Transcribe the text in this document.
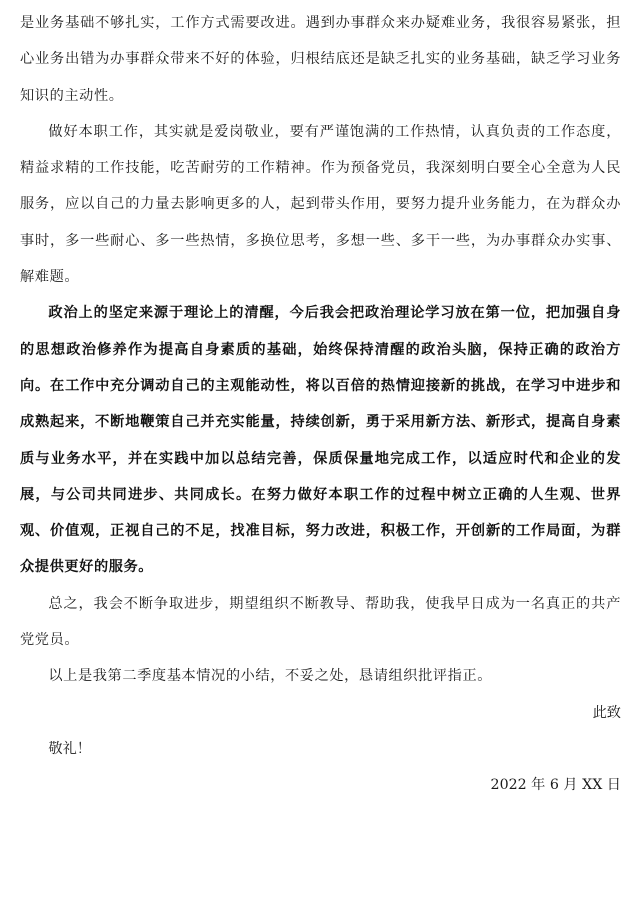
是业务基础不够扎实，工作方式需要改进。遇到办事群众来办疑难业务，我很容易紧张，担心业务出错为办事群众带来不好的体验，归根结底还是缺乏扎实的业务基础，缺乏学习业务知识的主动性。

做好本职工作，其实就是爱岗敬业，要有严谨饱满的工作热情，认真负责的工作态度，精益求精的工作技能，吃苦耐劳的工作精神。作为预备党员，我深刻明白要全心全意为人民服务，应以自己的力量去影响更多的人，起到带头作用，要努力提升业务能力，在为群众办事时，多一些耐心、多一些热情，多换位思考，多想一些、多干一些，为办事群众办实事、解难题。

政治上的坚定来源于理论上的清醒，今后我会把政治理论学习放在第一位，把加强自身的思想政治修养作为提高自身素质的基础，始终保持清醒的政治头脑，保持正确的政治方向。在工作中充分调动自己的主观能动性，将以百倍的热情迎接新的挑战，在学习中进步和成熟起来，不断地鞭策自己并充实能量，持续创新，勇于采用新方法、新形式，提高自身素质与业务水平，并在实践中加以总结完善，保质保量地完成工作，以适应时代和企业的发展，与公司共同进步、共同成长。在努力做好本职工作的过程中树立正确的人生观、世界观、价值观，正视自己的不足，找准目标，努力改进，积极工作，开创新的工作局面，为群众提供更好的服务。

总之，我会不断争取进步，期望组织不断教导、帮助我，使我早日成为一名真正的共产党党员。

以上是我第二季度基本情况的小结，不妥之处，恳请组织批评指正。

此致

敬礼！

2022 年 6 月 XX 日
